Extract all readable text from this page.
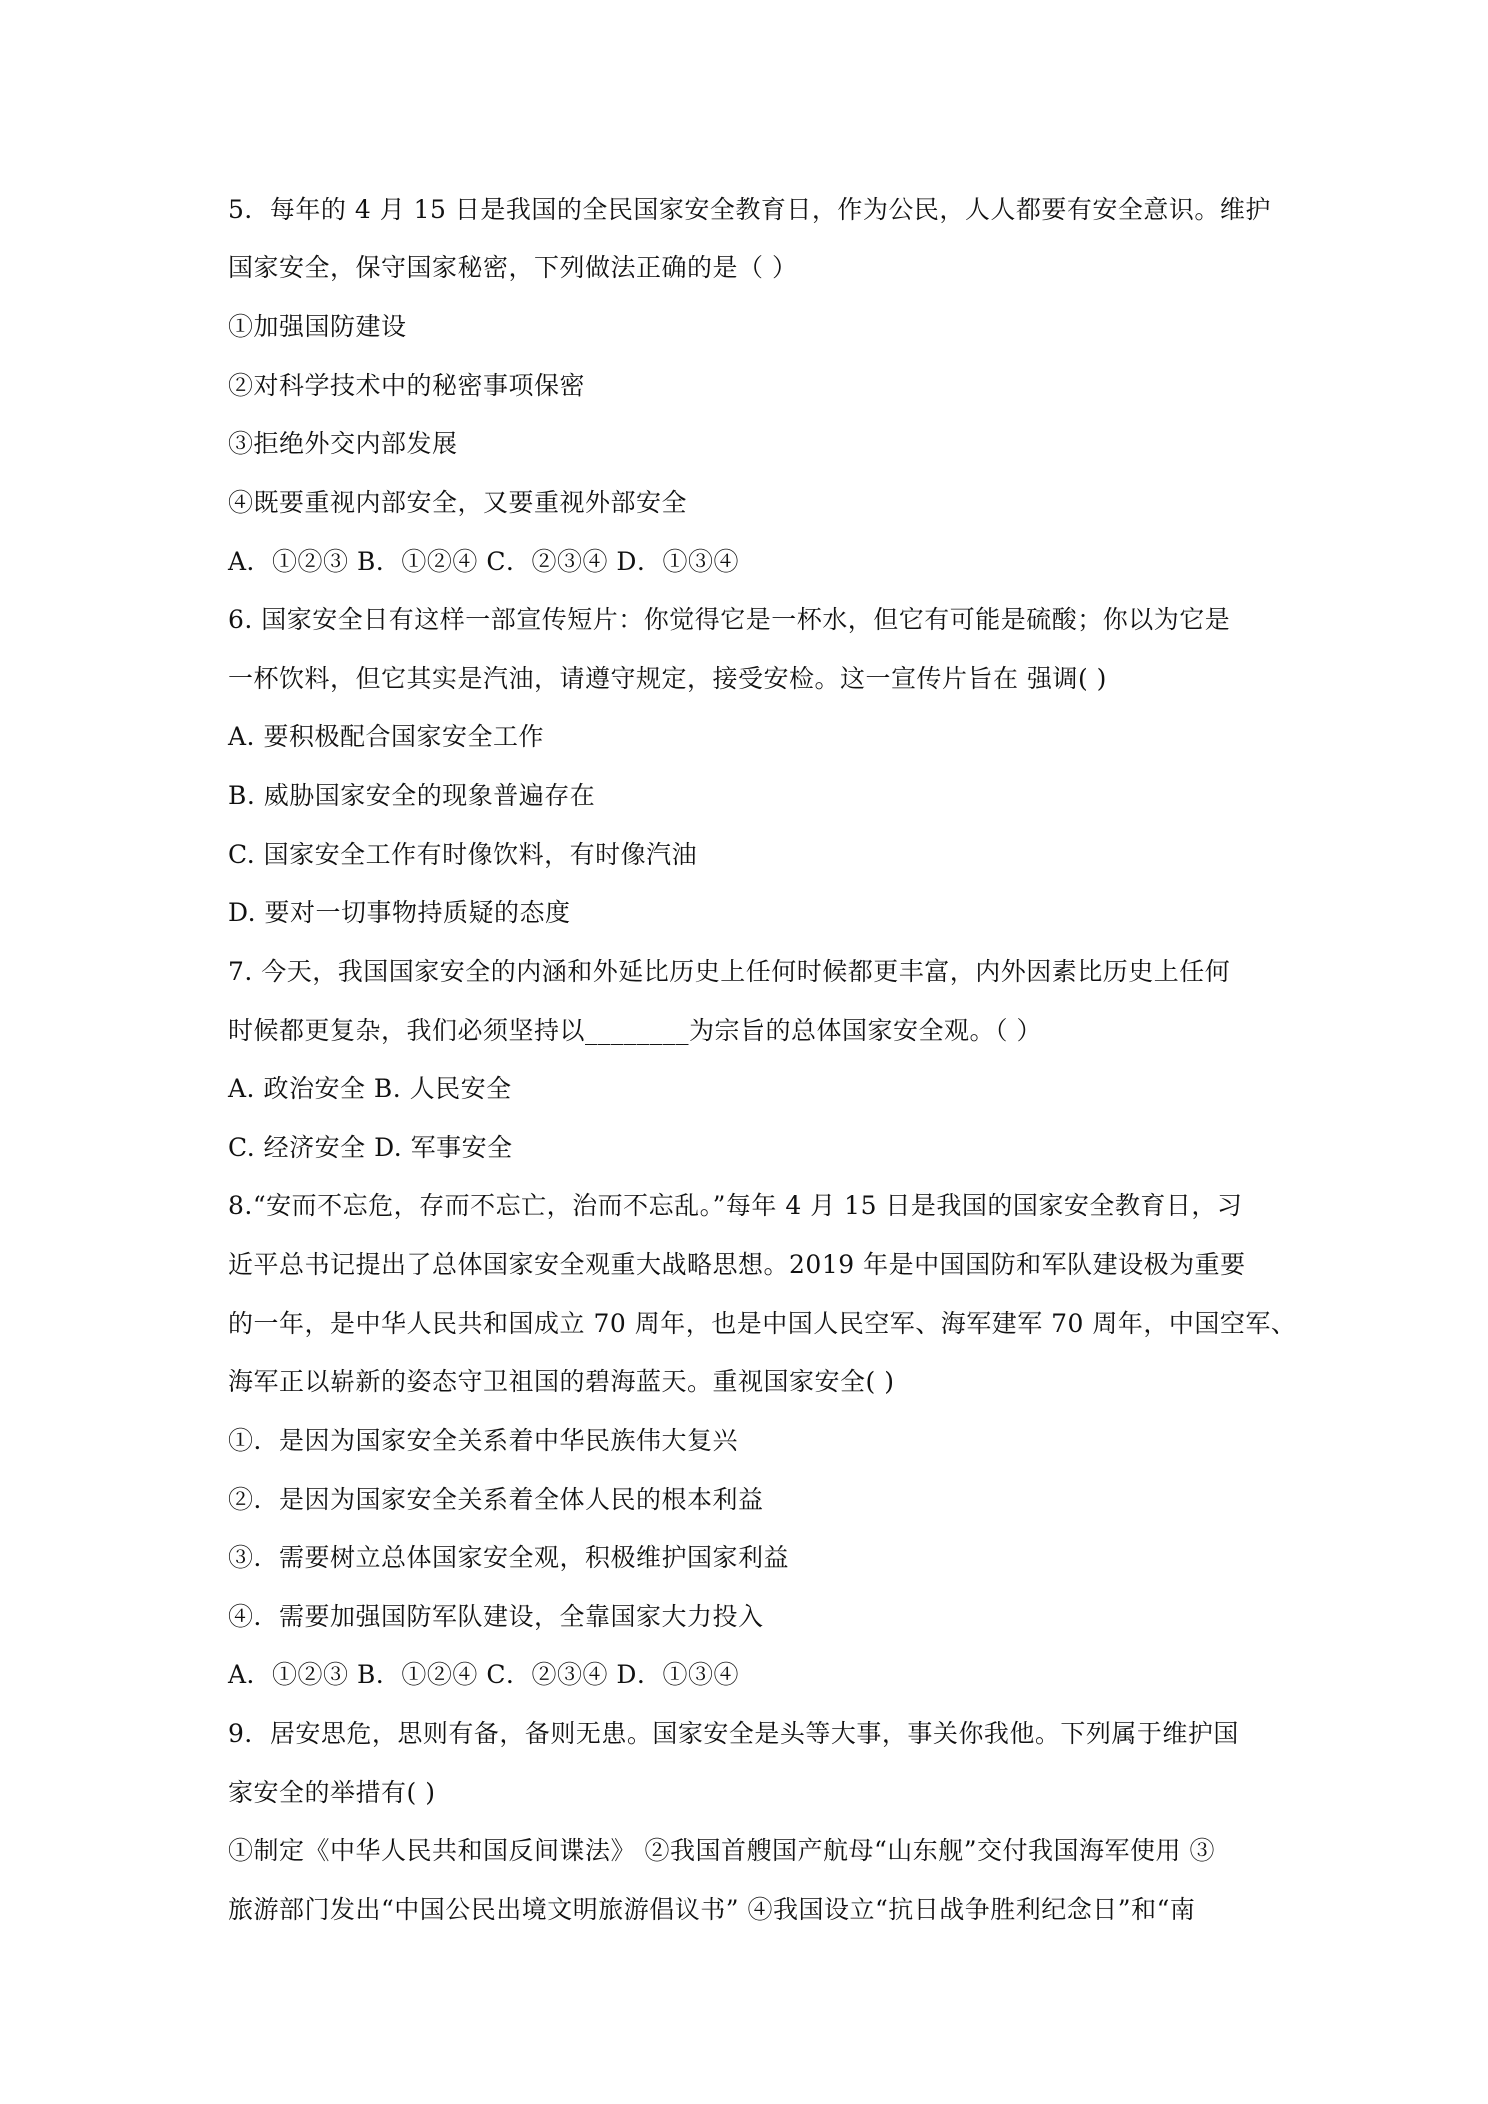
5．每年的 4 月 15 日是我国的全民国家安全教育日，作为公民，人人都要有安全意识。维护
国家安全，保守国家秘密，下列做法正确的是（ ）
①加强国防建设
②对科学技术中的秘密事项保密
③拒绝外交内部发展
④既要重视内部安全，又要重视外部安全
A．①②③ B．①②④ C．②③④ D．①③④
6. 国家安全日有这样一部宣传短片：你觉得它是一杯水，但它有可能是硫酸；你以为它是
一杯饮料，但它其实是汽油，请遵守规定，接受安检。这一宣传片旨在 强调( )
A. 要积极配合国家安全工作
B. 威胁国家安全的现象普遍存在
C. 国家安全工作有时像饮料，有时像汽油
D. 要对一切事物持质疑的态度
7. 今天，我国国家安全的内涵和外延比历史上任何时候都更丰富，内外因素比历史上任何
时候都更复杂，我们必须坚持以________为宗旨的总体国家安全观。（ ）
A. 政治安全 B. 人民安全
C. 经济安全 D. 军事安全
8.“安而不忘危，存而不忘亡，治而不忘乱。”每年 4 月 15 日是我国的国家安全教育日，习
近平总书记提出了总体国家安全观重大战略思想。2019 年是中国国防和军队建设极为重要
的一年，是中华人民共和国成立 70 周年，也是中国人民空军、海军建军 70 周年，中国空军、
海军正以崭新的姿态守卫祖国的碧海蓝天。重视国家安全( )
①．是因为国家安全关系着中华民族伟大复兴
②．是因为国家安全关系着全体人民的根本利益
③．需要树立总体国家安全观，积极维护国家利益
④．需要加强国防军队建设，全靠国家大力投入
A．①②③ B．①②④ C．②③④ D．①③④
9．居安思危，思则有备，备则无患。国家安全是头等大事，事关你我他。下列属于维护国
家安全的举措有( )
①制定《中华人民共和国反间谍法》 ②我国首艘国产航母“山东舰”交付我国海军使用 ③
旅游部门发出“中国公民出境文明旅游倡议书” ④我国设立“抗日战争胜利纪念日”和“南
